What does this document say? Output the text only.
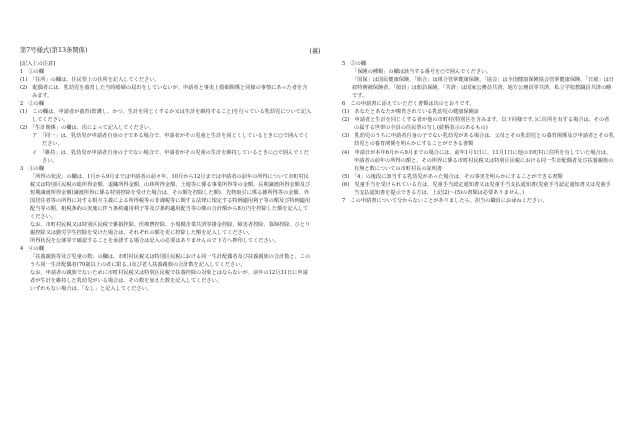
第7号様式(第13条関係)	(裏)
[記入上の注意]
1　①の欄
(1)　「住所」の欄は、住民票上の住所を記入してください。
(2)　配偶者には、乳幼児を養育した当時婚姻の届出をしていないが、申請者と事実上婚姻関係と同様の事情にあった者を含みます。
2　②の欄
(1)　この欄は、申請者が養育(監護し、かつ、生計を同じくするか又は生計を維持すること)を行っている乳幼児について記入してください。
(2)　「生計関係」の欄は、次によって記入してください。
ア　「同一」は、乳幼児が申請者自身の子である場合で、申請者がその児童と生計を同じくしているときに○で囲んでください。
イ　「維持」は、乳幼児が申請者自身の子でない場合で、申請者がその児童の生計を維持しているときに○で囲んでください。
3　③の欄
「所得の状況」の欄は、1月から9月までは申請者の前々年、10月から12月までは申請者の前年の所得について市町村民税又は特別区民税の総所得金額、退職所得金額、山林所得金額、土地等に係る事業所得等の金額、長期譲渡所得金額及び短期譲渡所得金額(譲渡所得に係る特別控除を受けた場合は、その額を控除した額)、先物取引に係る雑所得等の金額、外国居住者等の所得に対する相互主義による所得税等の非課税等に関する法律に規定する特例適用利子等の額及び特例適用配当等の額、租税条約の実施に伴う条約適用利子等及び条約適用配当等の額の合計額から8万円を控除した額を記入してください。
なお、市町村民税又は特別区民税で雑損控除、医療費控除、小規模企業共済等掛金控除、障害者控除、寡婦控除、ひとり親控除又は勤労学生控除を受けた場合は、それぞれの額を更に控除した額を記入してください。
所得状況を公簿等で確認することを承諾する場合は記入の必要はありませんので下方へ押印してください。
4　④の欄
「扶養親族等及び児童の数」の欄は、市町村民税又は特別区民税における同一生計配偶者及び扶養親族の合計数と、このうち同一生計配偶者(70歳以上の者に限る。)及び老人扶養親族の合計数を記入してください。
なお、申請者の親族でないために市町村民税又は特別区民税で扶養控除の対象とはならないが、前年の12月31日に申請者が生計を維持した乳幼児がいる場合は、その数を加えた数を記入してください。
いずれもない場合は、「なし」と記入してください。
5　⑤の欄
「保険の種類」の欄は該当する番号を○で囲んでください。
「国保」は国民健康保険、「組合」は組合管掌健康保険、「協会」は全国健康保険協会管掌健康保険、「日雇」は日雇特例被保険者、「船員」は船員保険、「共済」は国家公務員共済、地方公務員等共済、私立学校教職員共済の略です。
6　この申請書に添えていただく書類は次のとおりです。
(1)　あなたとあなたが療育されている乳幼児の健康保険証
(2)　申請者と生計を同じくする者が他の市町村(特別区を含みます。以下同様です。)に住所を有する場合は、その者の属する世帯の全員の住民票の写し(続柄表示のあるもの)
(3)　乳幼児のうちに申請者自身の子でない乳幼児がある場合は、父母とその乳幼児との養育関係及び申請者とその乳幼児との養育関係を明らかにすることができる書類
(4)　申請日が本年6月から9月までの場合には、前年1月1日に、11月1日に他の市町村に住所を有していた場合は、申請者の前年の所得の額と、その所得に係る市町村民税又は特別区民税における同一生計配偶者及び扶養親族の有無と数についての市町村長の証明書
(5)　「4」の後段に該当する乳幼児があった場合は、その事実を明らかにすることができる書類
(6)　児童手当を受けられている方は、児童手当認定通知書又は児童手当支払通知書(児童手当認定通知書又は児童手当支払通知書を提示できる方は、上記(2)～(5)の書類は必要ありません。)
7　この申請書について分からないことがありましたら、担当の職員にお尋ねください。
